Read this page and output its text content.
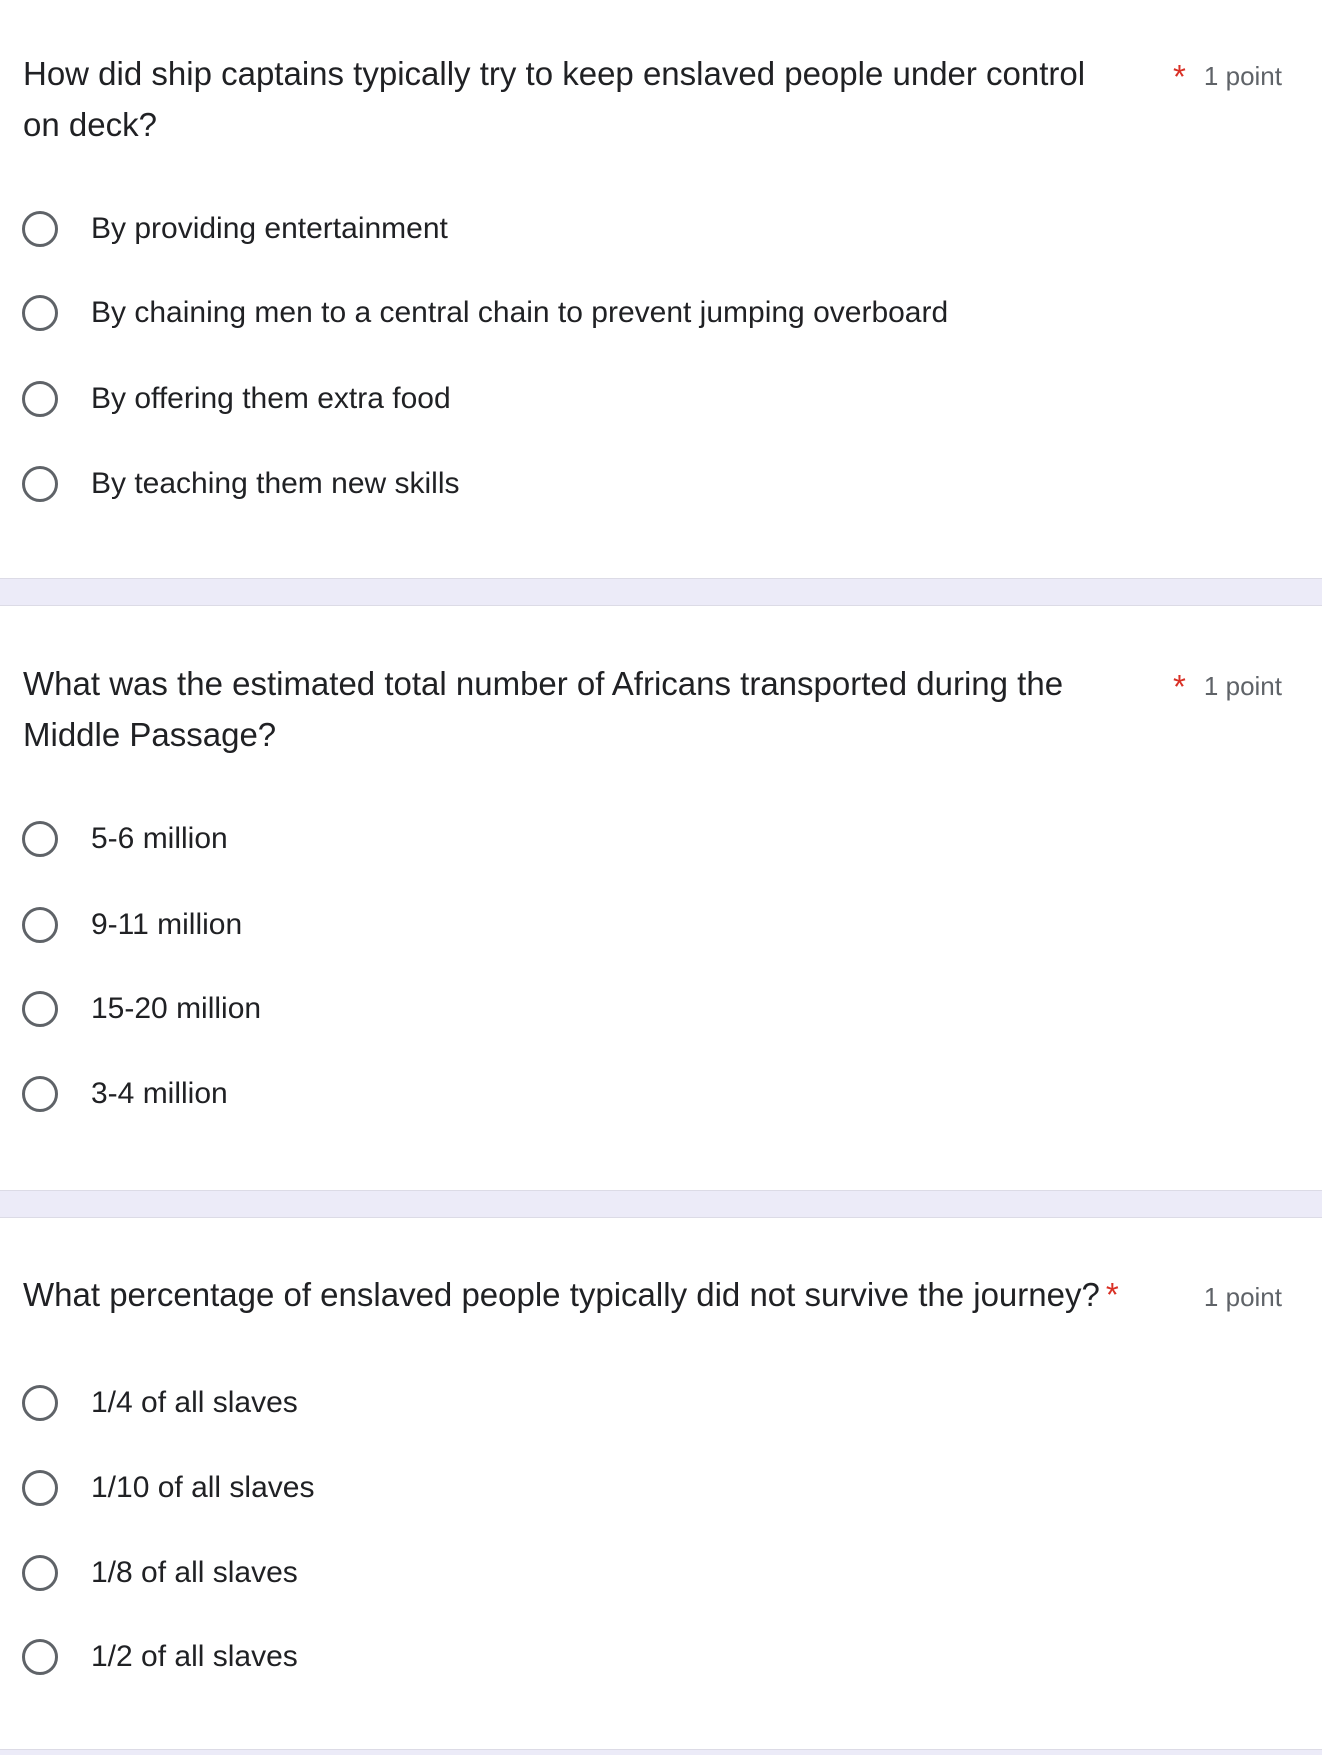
How did ship captains typically try to keep enslaved people under control
on deck?
* 1 point
By providing entertainment
By chaining men to a central chain to prevent jumping overboard
By offering them extra food
By teaching them new skills
What was the estimated total number of Africans transported during the
Middle Passage?
* 1 point
5-6 million
9-11 million
15-20 million
3-4 million
What percentage of enslaved people typically did not survive the journey? *	1 point
1/4 of all slaves
1/10 of all slaves
1/8 of all slaves
1/2 of all slaves
